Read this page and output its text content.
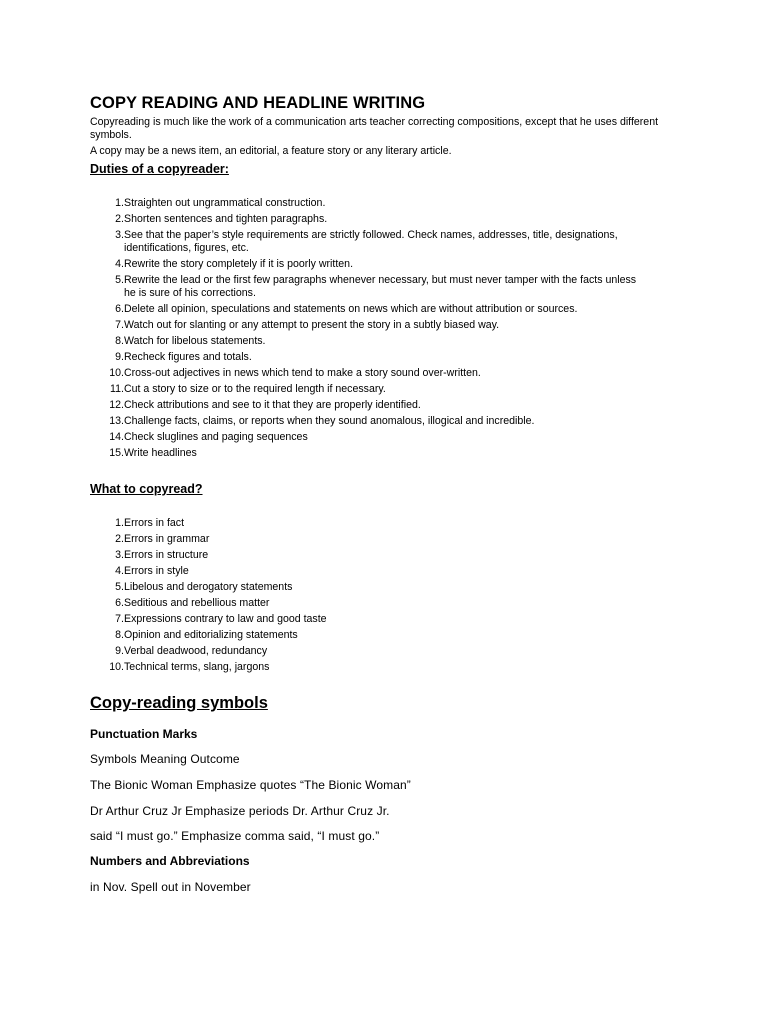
COPY READING AND HEADLINE WRITING
Copyreading is much like the work of a communication arts teacher correcting compositions, except that he uses different symbols.
A copy may be a news item, an editorial, a feature story or any literary article.
Duties of a copyreader:
1. Straighten out ungrammatical construction.
2. Shorten sentences and tighten paragraphs.
3. See that the paper’s style requirements are strictly followed. Check names, addresses, title, designations,
identifications, figures, etc.
4. Rewrite the story completely if it is poorly written.
5. Rewrite the lead or the first few paragraphs whenever necessary, but must never tamper with the facts unless
he is sure of his corrections.
6. Delete all opinion, speculations and statements on news which are without attribution or sources.
7. Watch out for slanting or any attempt to present the story in a subtly biased way.
8. Watch for libelous statements.
9. Recheck figures and totals.
10. Cross-out adjectives in news which tend to make a story sound over-written.
11. Cut a story to size or to the required length if necessary.
12. Check attributions and see to it that they are properly identified.
13. Challenge facts, claims, or reports when they sound anomalous, illogical and incredible.
14. Check sluglines and paging sequences
15. Write headlines
What to copyread?
1. Errors in fact
2. Errors in grammar
3. Errors in structure
4. Errors in style
5. Libelous and derogatory statements
6. Seditious and rebellious matter
7. Expressions contrary to law and good taste
8. Opinion and editorializing statements
9. Verbal deadwood, redundancy
10. Technical terms, slang, jargons
Copy-reading symbols
Punctuation Marks
Symbols Meaning Outcome
The Bionic Woman Emphasize quotes “The Bionic Woman”
Dr Arthur Cruz Jr Emphasize periods Dr. Arthur Cruz Jr.
said “I must go.” Emphasize comma said, “I must go.”
Numbers and Abbreviations
in Nov. Spell out in November
